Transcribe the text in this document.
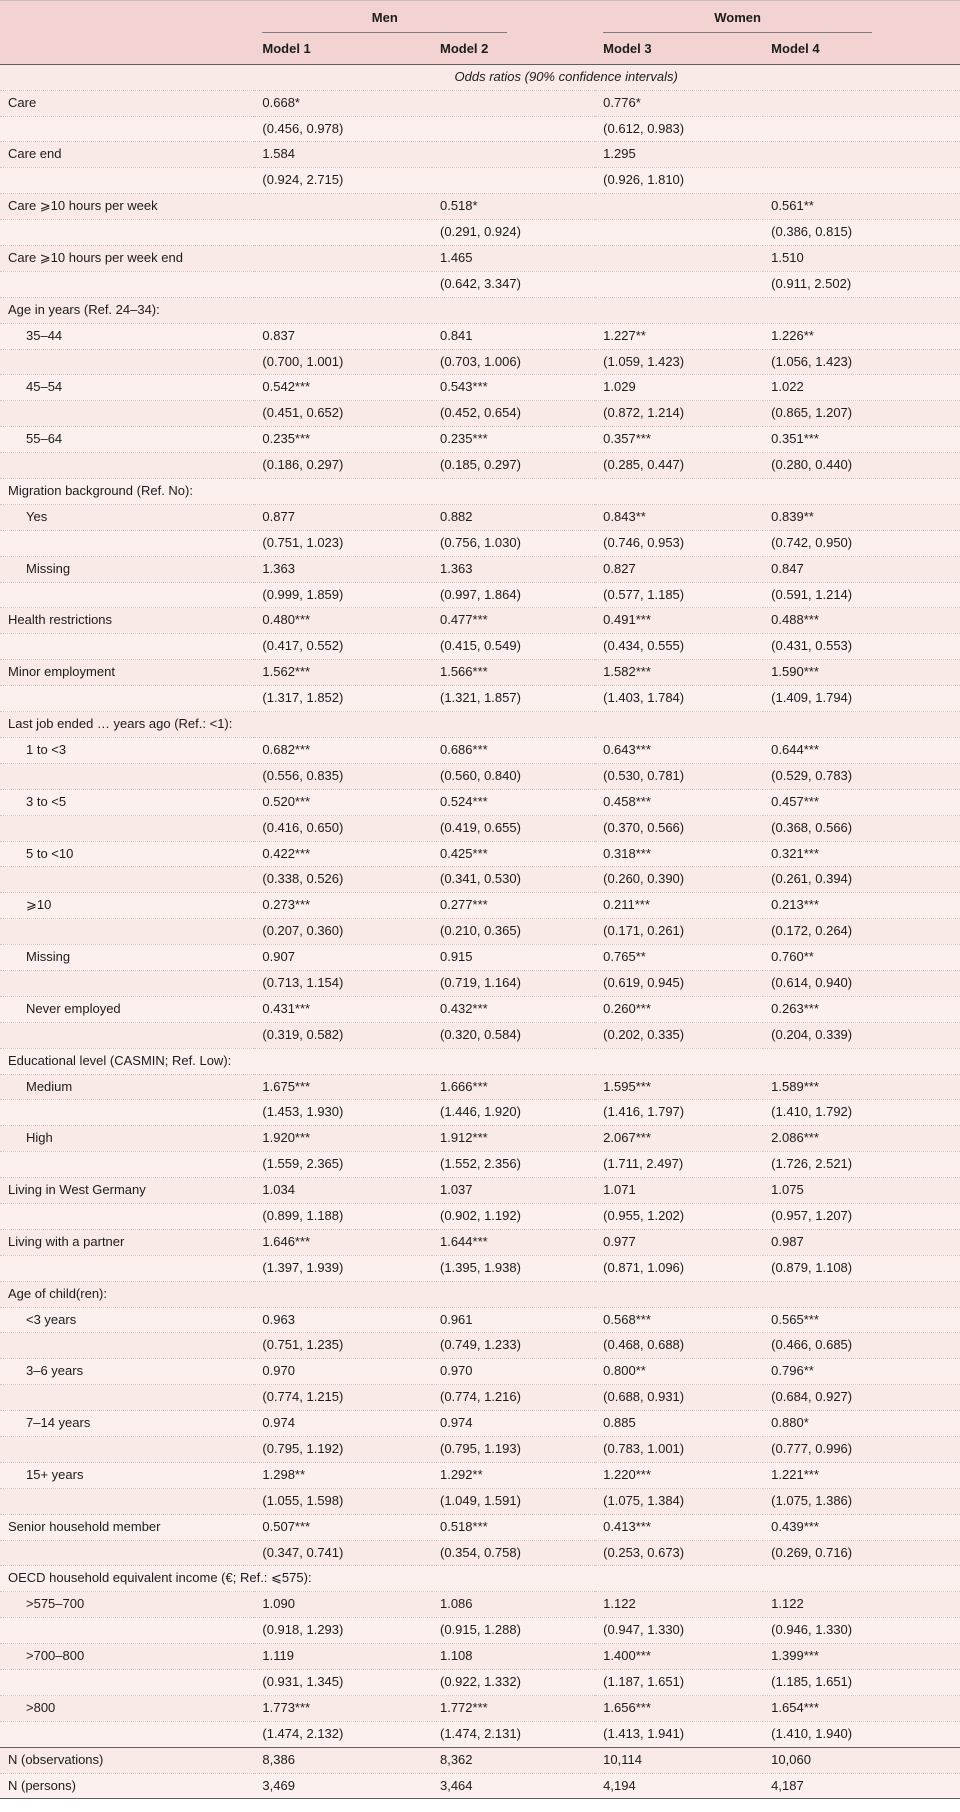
	Men		Women	

	Model 1	Model 2	Model 3	Model 4
	Odds ratios (90% confidence intervals)			
Care	0.668*		0.776*	
	(0.456, 0.978)		(0.612, 0.983)	
Care end	1.584		1.295	
	(0.924, 2.715)		(0.926, 1.810)	
Care ⩾10 hours per week		0.518*		0.561**
		(0.291, 0.924)		(0.386, 0.815)
Care ⩾10 hours per week end		1.465		1.510
		(0.642, 3.347)		(0.911, 2.502)
Age in years (Ref. 24–34):				
35–44	0.837	0.841	1.227**	1.226**
	(0.700, 1.001)	(0.703, 1.006)	(1.059, 1.423)	(1.056, 1.423)
45–54	0.542***	0.543***	1.029	1.022
	(0.451, 0.652)	(0.452, 0.654)	(0.872, 1.214)	(0.865, 1.207)
55–64	0.235***	0.235***	0.357***	0.351***
	(0.186, 0.297)	(0.185, 0.297)	(0.285, 0.447)	(0.280, 0.440)
Migration background (Ref. No):				
Yes	0.877	0.882	0.843**	0.839**
	(0.751, 1.023)	(0.756, 1.030)	(0.746, 0.953)	(0.742, 0.950)
Missing	1.363	1.363	0.827	0.847
	(0.999, 1.859)	(0.997, 1.864)	(0.577, 1.185)	(0.591, 1.214)
Health restrictions	0.480***	0.477***	0.491***	0.488***
	(0.417, 0.552)	(0.415, 0.549)	(0.434, 0.555)	(0.431, 0.553)
Minor employment	1.562***	1.566***	1.582***	1.590***
	(1.317, 1.852)	(1.321, 1.857)	(1.403, 1.784)	(1.409, 1.794)
Last job ended … years ago (Ref.: <1):				
1 to <3	0.682***	0.686***	0.643***	0.644***
	(0.556, 0.835)	(0.560, 0.840)	(0.530, 0.781)	(0.529, 0.783)
3 to <5	0.520***	0.524***	0.458***	0.457***
	(0.416, 0.650)	(0.419, 0.655)	(0.370, 0.566)	(0.368, 0.566)
5 to <10	0.422***	0.425***	0.318***	0.321***
	(0.338, 0.526)	(0.341, 0.530)	(0.260, 0.390)	(0.261, 0.394)
⩾10	0.273***	0.277***	0.211***	0.213***
	(0.207, 0.360)	(0.210, 0.365)	(0.171, 0.261)	(0.172, 0.264)
Missing	0.907	0.915	0.765**	0.760**
	(0.713, 1.154)	(0.719, 1.164)	(0.619, 0.945)	(0.614, 0.940)
Never employed	0.431***	0.432***	0.260***	0.263***
	(0.319, 0.582)	(0.320, 0.584)	(0.202, 0.335)	(0.204, 0.339)
Educational level (CASMIN; Ref. Low):				
Medium	1.675***	1.666***	1.595***	1.589***
	(1.453, 1.930)	(1.446, 1.920)	(1.416, 1.797)	(1.410, 1.792)
High	1.920***	1.912***	2.067***	2.086***
	(1.559, 2.365)	(1.552, 2.356)	(1.711, 2.497)	(1.726, 2.521)
Living in West Germany	1.034	1.037	1.071	1.075
	(0.899, 1.188)	(0.902, 1.192)	(0.955, 1.202)	(0.957, 1.207)
Living with a partner	1.646***	1.644***	0.977	0.987
	(1.397, 1.939)	(1.395, 1.938)	(0.871, 1.096)	(0.879, 1.108)
Age of child(ren):				
<3 years	0.963	0.961	0.568***	0.565***
	(0.751, 1.235)	(0.749, 1.233)	(0.468, 0.688)	(0.466, 0.685)
3–6 years	0.970	0.970	0.800**	0.796**
	(0.774, 1.215)	(0.774, 1.216)	(0.688, 0.931)	(0.684, 0.927)
7–14 years	0.974	0.974	0.885	0.880*
	(0.795, 1.192)	(0.795, 1.193)	(0.783, 1.001)	(0.777, 0.996)
15+ years	1.298**	1.292**	1.220***	1.221***
	(1.055, 1.598)	(1.049, 1.591)	(1.075, 1.384)	(1.075, 1.386)
Senior household member	0.507***	0.518***	0.413***	0.439***
	(0.347, 0.741)	(0.354, 0.758)	(0.253, 0.673)	(0.269, 0.716)
OECD household equivalent income (€; Ref.: ⩽575):				
>575–700	1.090	1.086	1.122	1.122
	(0.918, 1.293)	(0.915, 1.288)	(0.947, 1.330)	(0.946, 1.330)
>700–800	1.119	1.108	1.400***	1.399***
	(0.931, 1.345)	(0.922, 1.332)	(1.187, 1.651)	(1.185, 1.651)
>800	1.773***	1.772***	1.656***	1.654***
	(1.474, 2.132)	(1.474, 2.131)	(1.413, 1.941)	(1.410, 1.940)
N (observations)	8,386	8,362	10,114	10,060
N (persons)	3,469	3,464	4,194	4,187
